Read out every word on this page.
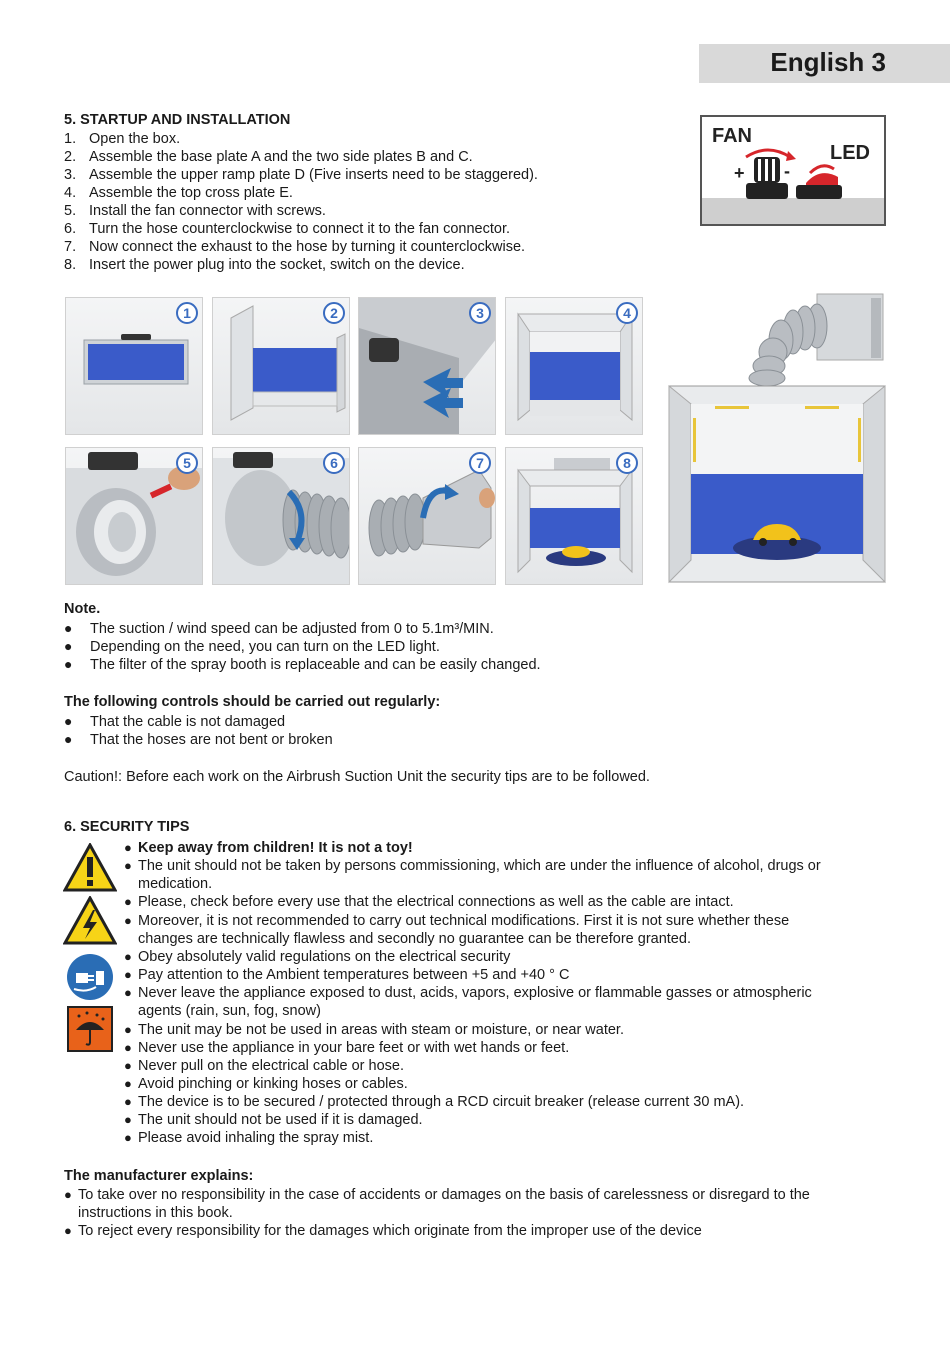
English 3
5. STARTUP AND INSTALLATION
1. Open the box.
2. Assemble the base plate A and the two side plates B and C.
3. Assemble the upper ramp plate D (Five inserts need to be staggered).
4. Assemble the top cross plate E.
5. Install the fan connector with screws.
6. Turn the hose counterclockwise to connect it to the fan connector.
7. Now connect the exhaust to the hose by turning it counterclockwise.
8. Insert the power plug into the socket, switch on the device.
FAN
LED
+ -
1	2	3	4
5	6	7	8
Note.
● The suction / wind speed can be adjusted from 0 to 5.1m³/MIN.
● Depending on the need, you can turn on the LED light.
● The filter of the spray booth is replaceable and can be easily changed.
The following controls should be carried out regularly:
● That the cable is not damaged
● That the hoses are not bent or broken
Caution!: Before each work on the Airbrush Suction Unit the security tips are to be followed.
6. SECURITY TIPS
● Keep away from children! It is not a toy!
● The unit should not be taken by persons commissioning, which are under the influence of alcohol, drugs or
medication.
● Please, check before every use that the electrical connections as well as the cable are intact.
● Moreover, it is not recommended to carry out technical modifications. First it is not sure whether these
changes are technically flawless and secondly no guarantee can be therefore granted.
● Obey absolutely valid regulations on the electrical security
● Pay attention to the Ambient temperatures between +5 and +40 ° C
● Never leave the appliance exposed to dust, acids, vapors, explosive or flammable gasses or atmospheric
agents (rain, sun, fog, snow)
● The unit may be not be used in areas with steam or moisture, or near water.
● Never use the appliance in your bare feet or with wet hands or feet.
● Never pull on the electrical cable or hose.
● Avoid pinching or kinking hoses or cables.
● The device is to be secured / protected through a RCD circuit breaker (release current 30 mA).
● The unit should not be used if it is damaged.
● Please avoid inhaling the spray mist.
The manufacturer explains:
● To take over no responsibility in the case of accidents or damages on the basis of carelessness or disregard to the
instructions in this book.
● To reject every responsibility for the damages which originate from the improper use of the device
